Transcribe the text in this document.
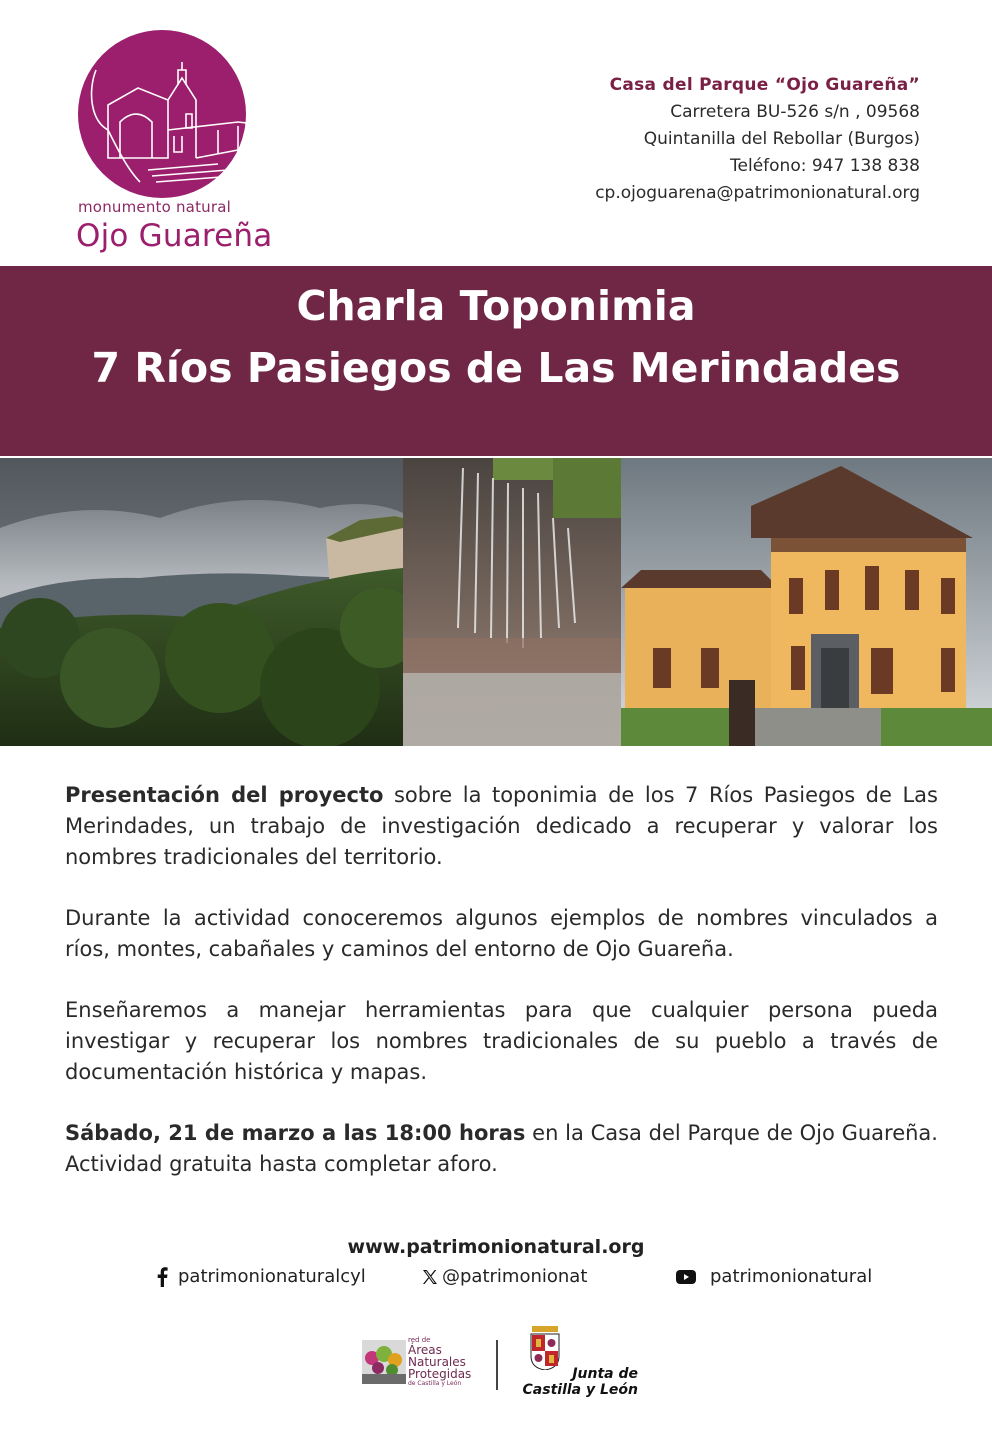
monumento natural
Ojo Guareña
Casa del Parque “Ojo Guareña”
Carretera BU-526 s/n , 09568
Quintanilla del Rebollar (Burgos)
Teléfono: 947 138 838
cp.ojoguarena@patrimonionatural.org
Charla Toponimia
7 Ríos Pasiegos de Las Merindades

Presentación del proyecto sobre la toponimia de los 7 Ríos Pasiegos de Las Merindades, un trabajo de investigación dedicado a recuperar y valorar los nombres tradicionales del territorio.

Durante la actividad conoceremos algunos ejemplos de nombres vinculados a ríos, montes, cabañales y caminos del entorno de Ojo Guareña.

Enseñaremos a manejar herramientas para que cualquier persona pueda investigar y recuperar los nombres tradicionales de su pueblo a través de documentación histórica y mapas.

Sábado, 21 de marzo a las 18:00 horas en la Casa del Parque de Ojo Guareña. Actividad gratuita hasta completar aforo.

www.patrimonionatural.org
patrimonionaturalcyl	@patrimonionat	patrimonionatural
red de
Áreas
Naturales
Protegidas
de Castilla y León
Junta de
Castilla y León
